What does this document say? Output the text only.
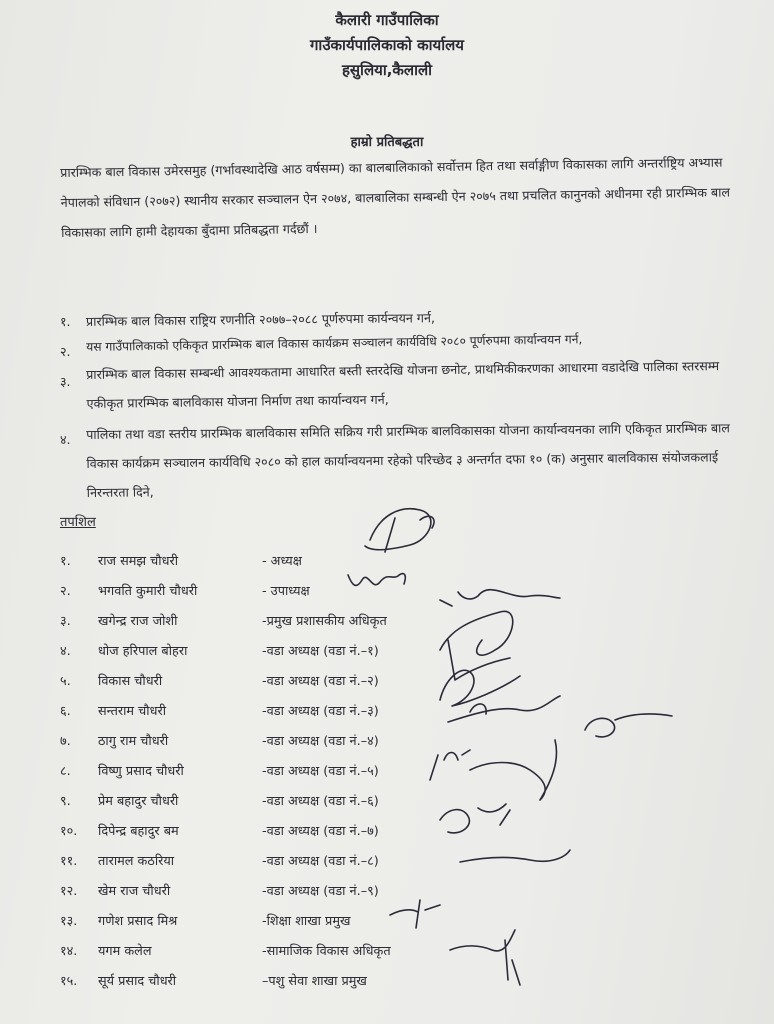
कैलारी गाउँपालिका
गाउँकार्यपालिकाको कार्यालय
हसुलिया,कैलाली
हाम्रो प्रतिबद्धता
प्रारम्भिक बाल विकास उमेरसमुह (गर्भावस्थादेखि आठ वर्षसम्म) का बालबालिकाको सर्वोत्तम हित तथा सर्वाङ्गीण विकासका लागि अन्तर्राष्ट्रिय अभ्यास नेपालको संविधान (२०७२) स्थानीय सरकार सञ्चालन ऐन २०७४, बालबालिका सम्बन्धी ऐन २०७५ तथा प्रचलित कानुनको अधीनमा रही प्रारम्भिक बाल विकासका लागि हामी देहायका बुँदामा प्रतिबद्धता गर्दछौं ।
१. प्रारम्भिक बाल विकास राष्ट्रिय रणनीति २०७७–२०८८ पूर्णरुपमा कार्यन्वयन गर्न,
२. यस गाउँपालिकाको एकिकृत प्रारम्भिक बाल विकास कार्यक्रम सञ्चालन कार्यविधि २०८० पूर्णरुपमा कार्यान्वयन गर्न,
३. प्रारम्भिक बाल विकास सम्बन्धी आवश्यकतामा आधारित बस्ती स्तरदेखि योजना छनोट, प्राथमिकीकरणका आधारमा वडादेखि पालिका स्तरसम्म एकीकृत प्रारम्भिक बालविकास योजना निर्माण तथा कार्यान्वयन गर्न,
४. पालिका तथा वडा स्तरीय प्रारम्भिक बालविकास समिति सक्रिय गरी प्रारम्भिक बालविकासका योजना कार्यान्वयनका लागि एकिकृत प्रारम्भिक बाल विकास कार्यक्रम सञ्चालन कार्यविधि २०८० को हाल कार्यान्वयनमा रहेको परिच्छेद ३ अन्तर्गत दफा १० (क) अनुसार बालविकास संयोजकलाई निरन्तरता दिने,
तपशिल
१. राज समझ चौधरी	- अध्यक्ष
२. भगवति कुमारी चौधरी	- उपाध्यक्ष
३. खगेन्द्र राज जोशी	-प्रमुख प्रशासकीय अधिकृत
४. धोज हरिपाल बोहरा	-वडा अध्यक्ष (वडा नं.–१)
५. विकास चौधरी	-वडा अध्यक्ष (वडा नं.–२)
६. सन्तराम चौधरी	-वडा अध्यक्ष (वडा नं.–३)
७. ठागु राम चौधरी	-वडा अध्यक्ष (वडा नं.–४)
८. विष्णु प्रसाद चौधरी	-वडा अध्यक्ष (वडा नं.–५)
९. प्रेम बहादुर चौधरी	-वडा अध्यक्ष (वडा नं.–६)
१०. दिपेन्द्र बहादुर बम	-वडा अध्यक्ष (वडा नं.–७)
११. तारामल कठरिया	-वडा अध्यक्ष (वडा नं.–८)
१२. खेम राज चौधरी	-वडा अध्यक्ष (वडा नं.–९)
१३. गणेश प्रसाद मिश्र	-शिक्षा शाखा प्रमुख
१४. यगम कलेल	-सामाजिक विकास अधिकृत
१५. सूर्य प्रसाद चौधरी	–पशु सेवा शाखा प्रमुख
